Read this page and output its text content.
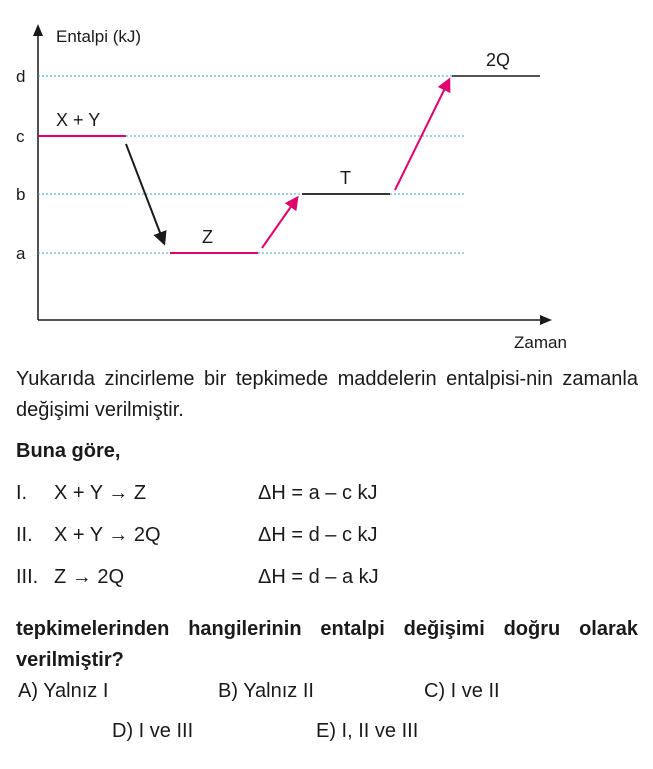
Entalpi (kJ)
Zaman
d
c
b
a
X + Y
Z
T
2Q
Yukarıda zincirleme bir tepkimede maddelerin entalpisi-nin zamanla değişimi verilmiştir.
Buna göre,
I. X + Y → Z	ΔH = a – c kJ
II. X + Y → 2Q	ΔH = d – c kJ
III. Z → 2Q	ΔH = d – a kJ
tepkimelerinden hangilerinin entalpi değişimi doğru olarak verilmiştir?
A) Yalnız I	B) Yalnız II	C) I ve II
D) I ve III	E) I, II ve III
